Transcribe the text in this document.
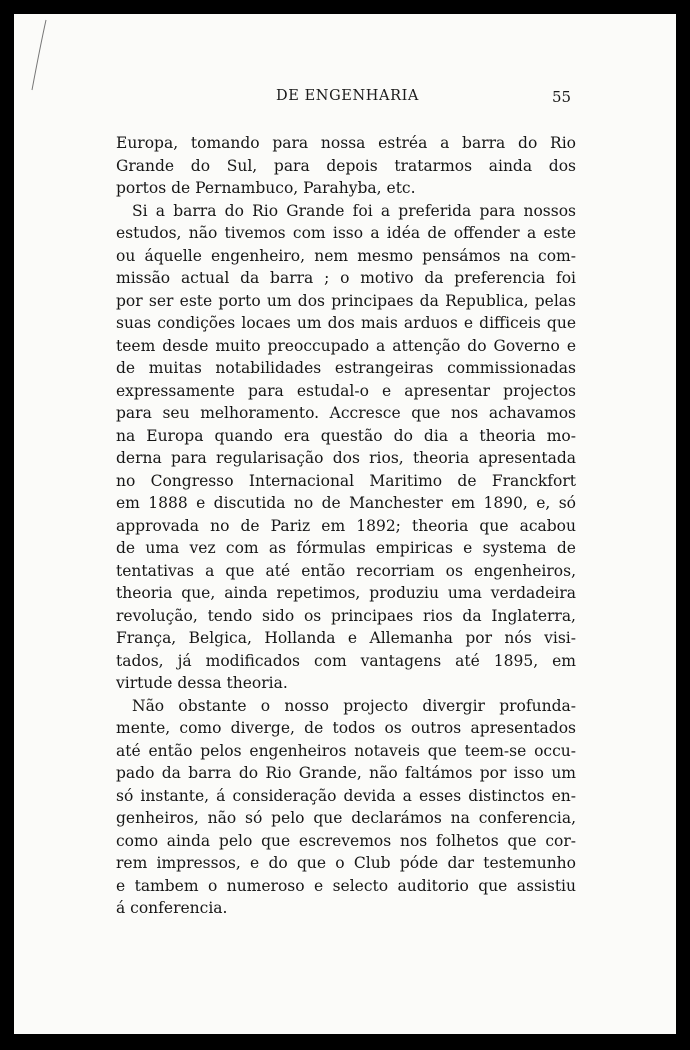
DE ENGENHARIA	55
Europa, tomando para nossa estréa a barra do Rio
Grande do Sul, para depois tratarmos ainda dos
portos de Pernambuco, Parahyba, etc.
Si a barra do Rio Grande foi a preferida para nossos
estudos, não tivemos com isso a idéa de offender a este
ou áquelle engenheiro, nem mesmo pensámos na com-
missão actual da barra ; o motivo da preferencia foi
por ser este porto um dos principaes da Republica, pelas
suas condições locaes um dos mais arduos e difficeis que
teem desde muito preoccupado a attenção do Governo e
de muitas notabilidades estrangeiras commissionadas
expressamente para estudal-o e apresentar projectos
para seu melhoramento. Accresce que nos achavamos
na Europa quando era questão do dia a theoria mo-
derna para regularisação dos rios, theoria apresentada
no Congresso Internacional Maritimo de Franckfort
em 1888 e discutida no de Manchester em 1890, e, só
approvada no de Pariz em 1892; theoria que acabou
de uma vez com as fórmulas empiricas e systema de
tentativas a que até então recorriam os engenheiros,
theoria que, ainda repetimos, produziu uma verdadeira
revolução, tendo sido os principaes rios da Inglaterra,
França, Belgica, Hollanda e Allemanha por nós visi-
tados, já modificados com vantagens até 1895, em
virtude dessa theoria.
Não obstante o nosso projecto divergir profunda-
mente, como diverge, de todos os outros apresentados
até então pelos engenheiros notaveis que teem-se occu-
pado da barra do Rio Grande, não faltámos por isso um
só instante, á consideração devida a esses distinctos en-
genheiros, não só pelo que declarámos na conferencia,
como ainda pelo que escrevemos nos folhetos que cor-
rem impressos, e do que o Club póde dar testemunho
e tambem o numeroso e selecto auditorio que assistiu
á conferencia.
